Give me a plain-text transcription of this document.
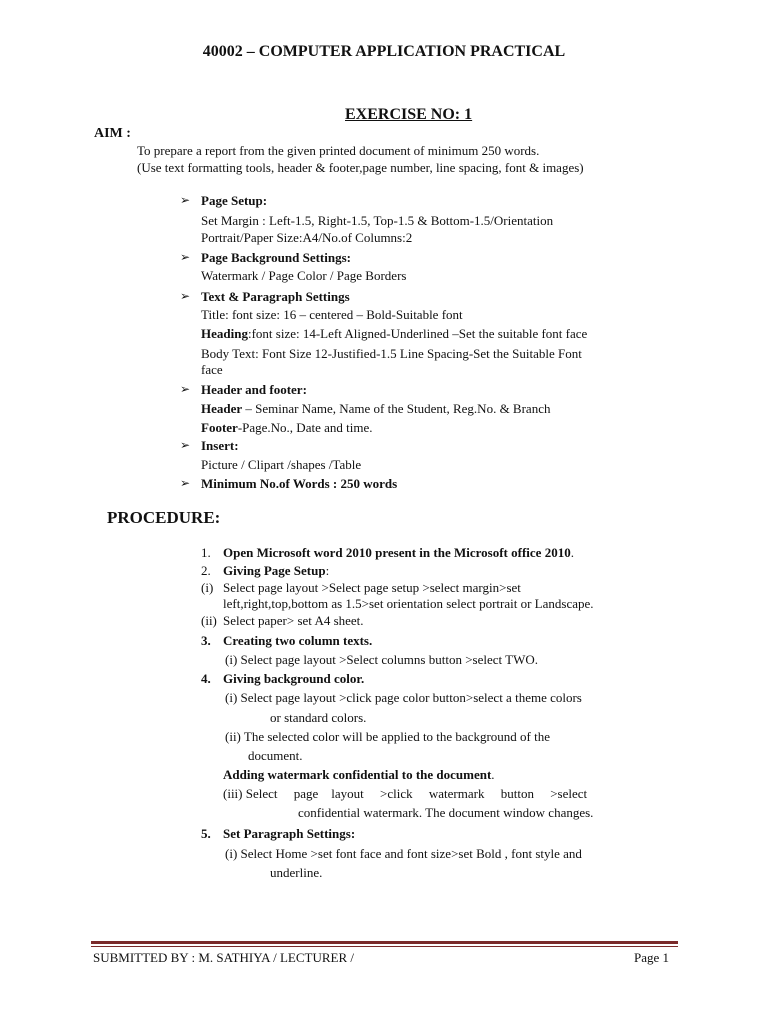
40002 – COMPUTER APPLICATION PRACTICAL
EXERCISE NO: 1
AIM :
To prepare a report from the given printed document of minimum 250 words.
(Use text formatting tools, header & footer,page number, line spacing, font & images)
➢ Page Setup:
Set Margin : Left-1.5, Right-1.5, Top-1.5 & Bottom-1.5/Orientation
Portrait/Paper Size:A4/No.of Columns:2
➢ Page Background Settings:
Watermark / Page Color / Page Borders
➢ Text & Paragraph Settings
Title: font size: 16 – centered – Bold-Suitable font
Heading:font size: 14-Left Aligned-Underlined –Set the suitable font face
Body Text: Font Size 12-Justified-1.5 Line Spacing-Set the Suitable Font
face
➢ Header and footer:
Header – Seminar Name, Name of the Student, Reg.No. & Branch
Footer-Page.No., Date and time.
➢ Insert:
Picture / Clipart /shapes /Table
➢ Minimum No.of Words : 250 words
PROCEDURE:
1. Open Microsoft word 2010 present in the Microsoft office 2010.
2. Giving Page Setup:
(i) Select page layout >Select page setup >select margin>set
left,right,top,bottom as 1.5>set orientation select portrait or Landscape.
(ii) Select paper> set A4 sheet.
3. Creating two column texts.
(i) Select page layout >Select columns button >select TWO.
4. Giving background color.
(i) Select page layout >click page color button>select a theme colors
or standard colors.
(ii) The selected color will be applied to the background of the
document.
Adding watermark confidential to the document.
(iii) Select     page    layout     >click     watermark     button     >select
confidential watermark. The document window changes.
5. Set Paragraph Settings:
(i) Select Home >set font face and font size>set Bold , font style and
underline.
SUBMITTED BY : M. SATHIYA / LECTURER /	Page 1
